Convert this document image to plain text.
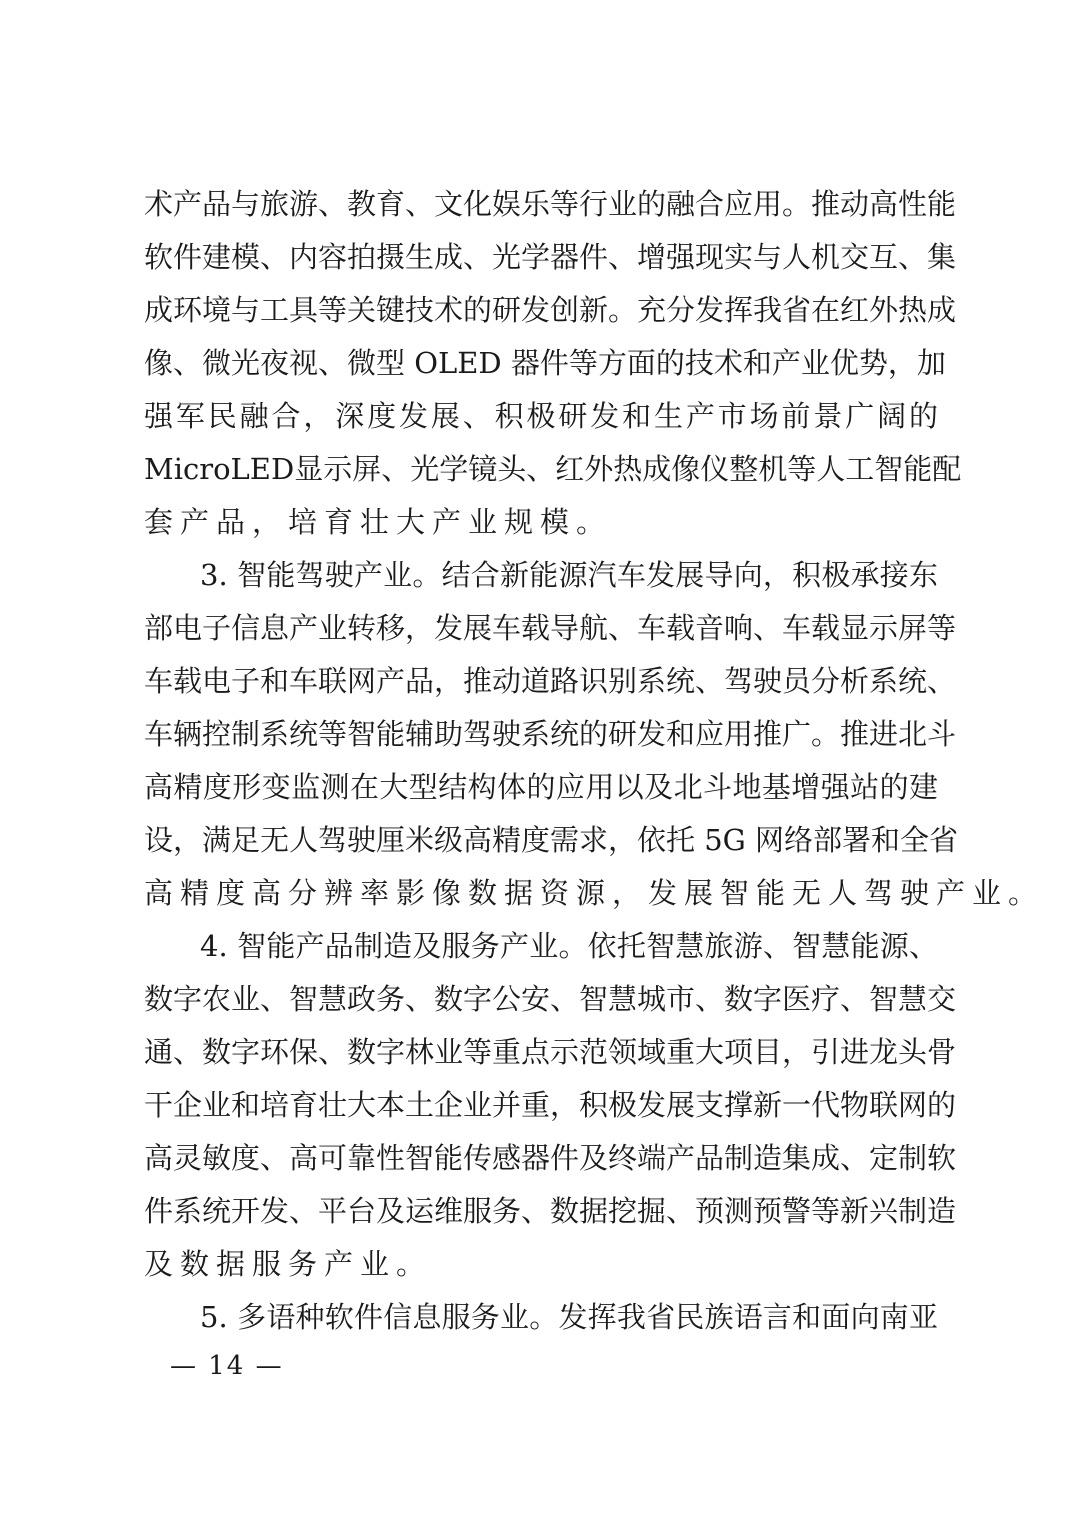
术产品与旅游、教育、文化娱乐等行业的融合应用。推动高性能
软件建模、内容拍摄生成、光学器件、增强现实与人机交互、集
成环境与工具等关键技术的研发创新。充分发挥我省在红外热成
像、微光夜视、微型 OLED 器件等方面的技术和产业优势，加
强军民融合，深度发展、积极研发和生产市场前景广阔的
MicroLED显示屏、光学镜头、红外热成像仪整机等人工智能配
套产品，培育壮大产业规模。
3. 智能驾驶产业。结合新能源汽车发展导向，积极承接东
部电子信息产业转移，发展车载导航、车载音响、车载显示屏等
车载电子和车联网产品，推动道路识别系统、驾驶员分析系统、
车辆控制系统等智能辅助驾驶系统的研发和应用推广。推进北斗
高精度形变监测在大型结构体的应用以及北斗地基增强站的建
设，满足无人驾驶厘米级高精度需求，依托 5G 网络部署和全省
高精度高分辨率影像数据资源，发展智能无人驾驶产业。
4. 智能产品制造及服务产业。依托智慧旅游、智慧能源、
数字农业、智慧政务、数字公安、智慧城市、数字医疗、智慧交
通、数字环保、数字林业等重点示范领域重大项目，引进龙头骨
干企业和培育壮大本土企业并重，积极发展支撑新一代物联网的
高灵敏度、高可靠性智能传感器件及终端产品制造集成、定制软
件系统开发、平台及运维服务、数据挖掘、预测预警等新兴制造
及数据服务产业。
5. 多语种软件信息服务业。发挥我省民族语言和面向南亚
— 14 —
